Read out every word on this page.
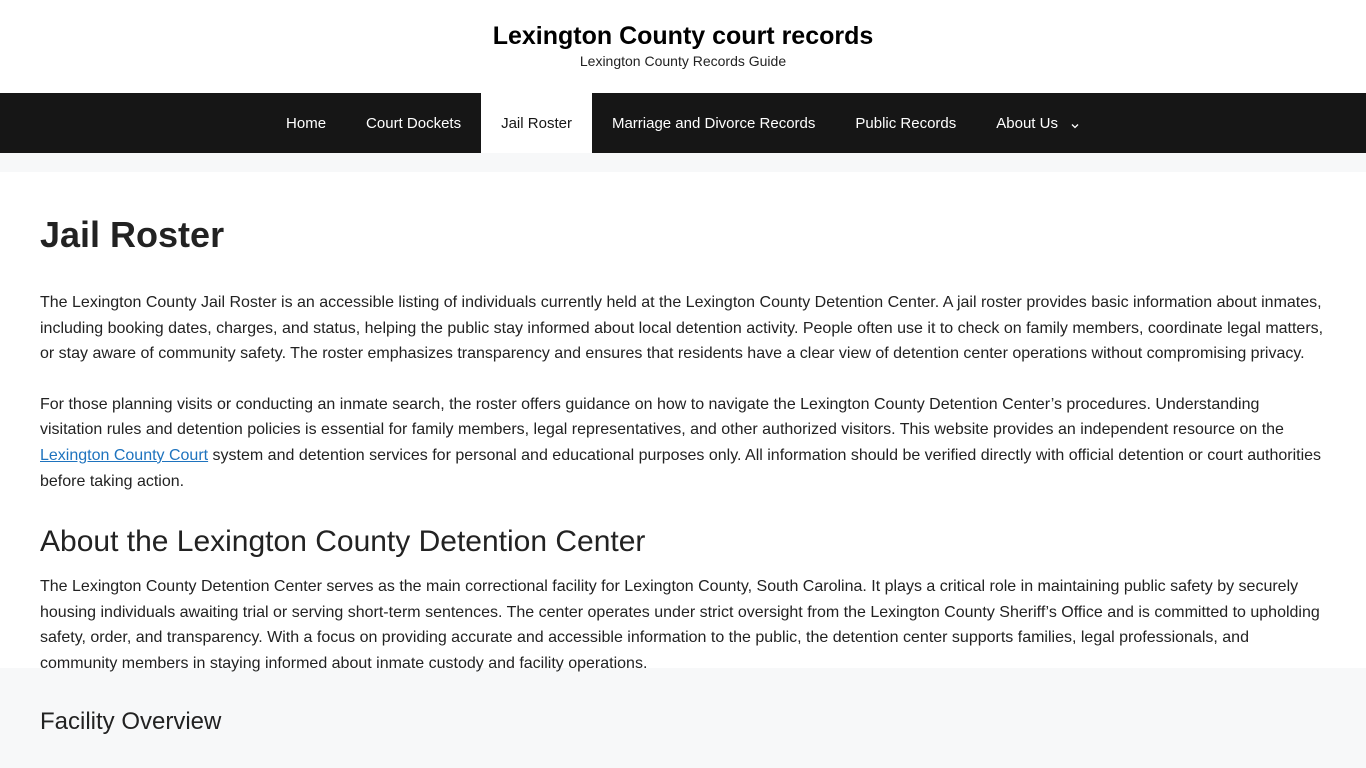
Lexington County court records
Lexington County Records Guide
Home	Court Dockets	Jail Roster	Marriage and Divorce Records	Public Records	About Us
Jail Roster

The Lexington County Jail Roster is an accessible listing of individuals currently held at the Lexington County Detention Center. A jail roster provides basic information about inmates, including booking dates, charges, and status, helping the public stay informed about local detention activity. People often use it to check on family members, coordinate legal matters, or stay aware of community safety. The roster emphasizes transparency and ensures that residents have a clear view of detention center operations without compromising privacy.

For those planning visits or conducting an inmate search, the roster offers guidance on how to navigate the Lexington County Detention Center’s procedures. Understanding visitation rules and detention policies is essential for family members, legal representatives, and other authorized visitors. This website provides an independent resource on the Lexington County Court system and detention services for personal and educational purposes only. All information should be verified directly with official detention or court authorities before taking action.

About the Lexington County Detention Center

The Lexington County Detention Center serves as the main correctional facility for Lexington County, South Carolina. It plays a critical role in maintaining public safety by securely housing individuals awaiting trial or serving short-term sentences. The center operates under strict oversight from the Lexington County Sheriff’s Office and is committed to upholding safety, order, and transparency. With a focus on providing accurate and accessible information to the public, the detention center supports families, legal professionals, and community members in staying informed about inmate custody and facility operations.

Facility Overview
